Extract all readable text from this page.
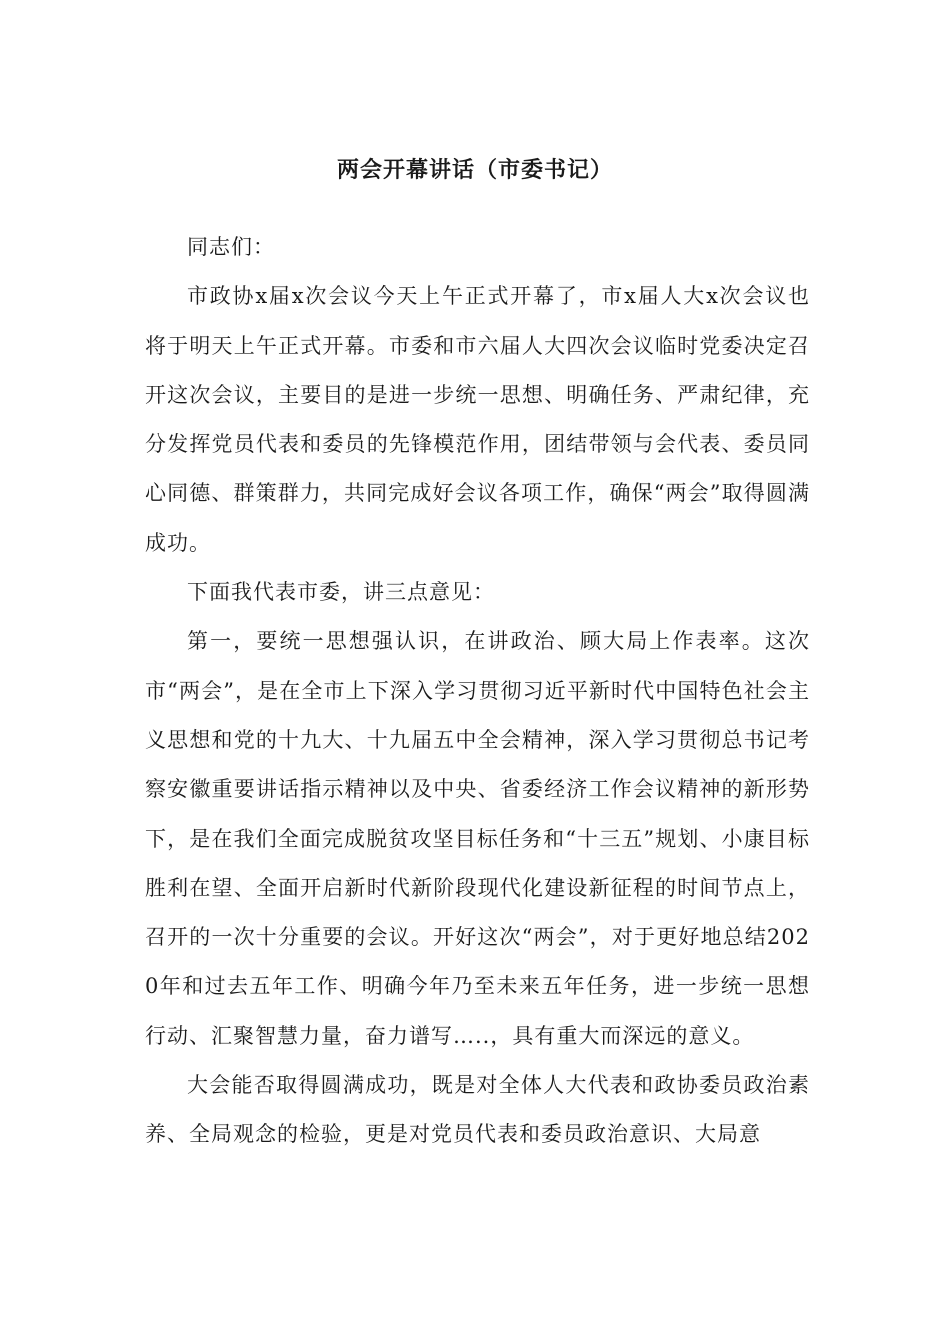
两会开幕讲话（市委书记）

同志们：

市政协x届x次会议今天上午正式开幕了，市x届人大x次会议也将于明天上午正式开幕。市委和市六届人大四次会议临时党委决定召开这次会议，主要目的是进一步统一思想、明确任务、严肃纪律，充分发挥党员代表和委员的先锋模范作用，团结带领与会代表、委员同心同德、群策群力，共同完成好会议各项工作，确保“两会”取得圆满成功。

下面我代表市委，讲三点意见：

第一，要统一思想强认识，在讲政治、顾大局上作表率。这次市“两会”，是在全市上下深入学习贯彻习近平新时代中国特色社会主义思想和党的十九大、十九届五中全会精神，深入学习贯彻总书记考察安徽重要讲话指示精神以及中央、省委经济工作会议精神的新形势下，是在我们全面完成脱贫攻坚目标任务和“十三五”规划、小康目标胜利在望、全面开启新时代新阶段现代化建设新征程的时间节点上，召开的一次十分重要的会议。开好这次“两会”，对于更好地总结2020年和过去五年工作、明确今年乃至未来五年任务，进一步统一思想行动、汇聚智慧力量，奋力谱写…..，具有重大而深远的意义。

大会能否取得圆满成功，既是对全体人大代表和政协委员政治素养、全局观念的检验，更是对党员代表和委员政治意识、大局意
